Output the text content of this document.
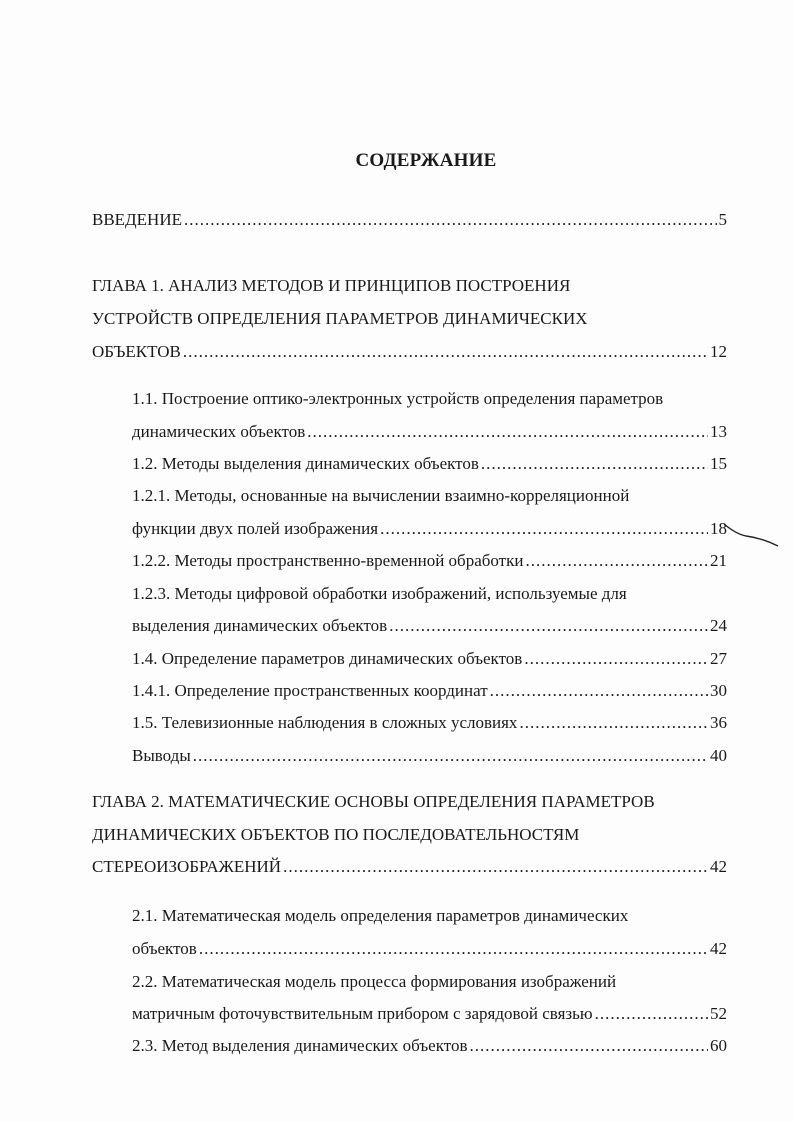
СОДЕРЖАНИЕ
ВВЕДЕНИЕ .....	5
ГЛАВА 1. АНАЛИЗ МЕТОДОВ И ПРИНЦИПОВ ПОСТРОЕНИЯ
УСТРОЙСТВ ОПРЕДЕЛЕНИЯ ПАРАМЕТРОВ ДИНАМИЧЕСКИХ
ОБЪЕКТОВ .....	12
1.1. Построение оптико-электронных устройств определения параметров
динамических объектов .....	13
1.2. Методы выделения динамических объектов .....	15
1.2.1. Методы, основанные на вычислении взаимно-корреляционной
функции двух полей изображения .....	18
1.2.2. Методы пространственно-временной обработки .....	21
1.2.3. Методы цифровой обработки изображений, используемые для
выделения динамических объектов .....	24
1.4. Определение параметров динамических объектов .....	27
1.4.1. Определение пространственных координат .....	30
1.5. Телевизионные наблюдения в сложных условиях .....	36
Выводы .....	40
ГЛАВА 2. МАТЕМАТИЧЕСКИЕ ОСНОВЫ ОПРЕДЕЛЕНИЯ ПАРАМЕТРОВ
ДИНАМИЧЕСКИХ ОБЪЕКТОВ ПО ПОСЛЕДОВАТЕЛЬНОСТЯМ
СТЕРЕОИЗОБРАЖЕНИЙ .....	42
2.1. Математическая модель определения параметров динамических
объектов .....	42
2.2. Математическая модель процесса формирования изображений
матричным фоточувствительным прибором с зарядовой связью .....	52
2.3. Метод выделения динамических объектов .....	60
